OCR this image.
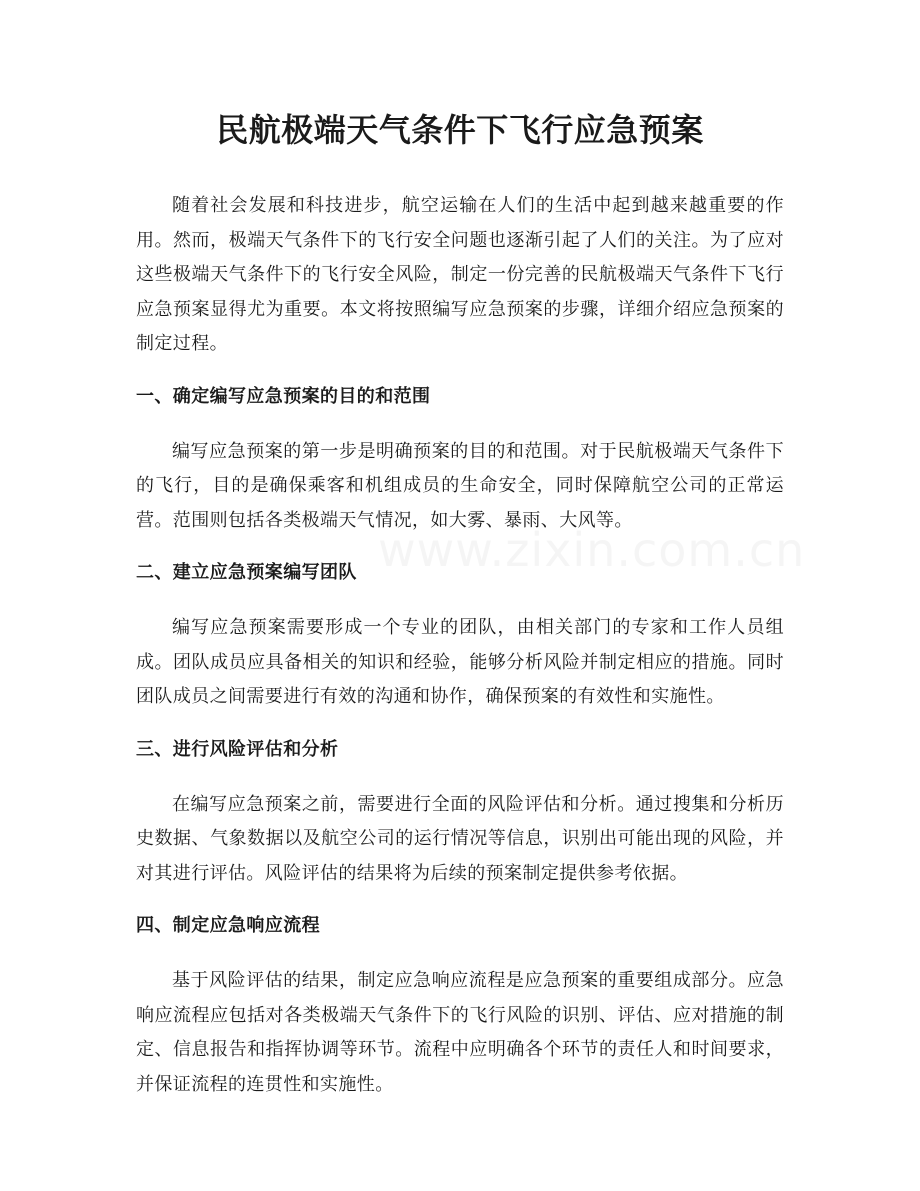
民航极端天气条件下飞行应急预案

随着社会发展和科技进步，航空运输在人们的生活中起到越来越重要的作用。然而，极端天气条件下的飞行安全问题也逐渐引起了人们的关注。为了应对这些极端天气条件下的飞行安全风险，制定一份完善的民航极端天气条件下飞行应急预案显得尤为重要。本文将按照编写应急预案的步骤，详细介绍应急预案的制定过程。

一、确定编写应急预案的目的和范围

编写应急预案的第一步是明确预案的目的和范围。对于民航极端天气条件下的飞行，目的是确保乘客和机组成员的生命安全，同时保障航空公司的正常运营。范围则包括各类极端天气情况，如大雾、暴雨、大风等。

二、建立应急预案编写团队

编写应急预案需要形成一个专业的团队，由相关部门的专家和工作人员组成。团队成员应具备相关的知识和经验，能够分析风险并制定相应的措施。同时团队成员之间需要进行有效的沟通和协作，确保预案的有效性和实施性。

三、进行风险评估和分析

在编写应急预案之前，需要进行全面的风险评估和分析。通过搜集和分析历史数据、气象数据以及航空公司的运行情况等信息，识别出可能出现的风险，并对其进行评估。风险评估的结果将为后续的预案制定提供参考依据。

四、制定应急响应流程

基于风险评估的结果，制定应急响应流程是应急预案的重要组成部分。应急响应流程应包括对各类极端天气条件下的飞行风险的识别、评估、应对措施的制定、信息报告和指挥协调等环节。流程中应明确各个环节的责任人和时间要求，并保证流程的连贯性和实施性。

www.zixin.com.cn
